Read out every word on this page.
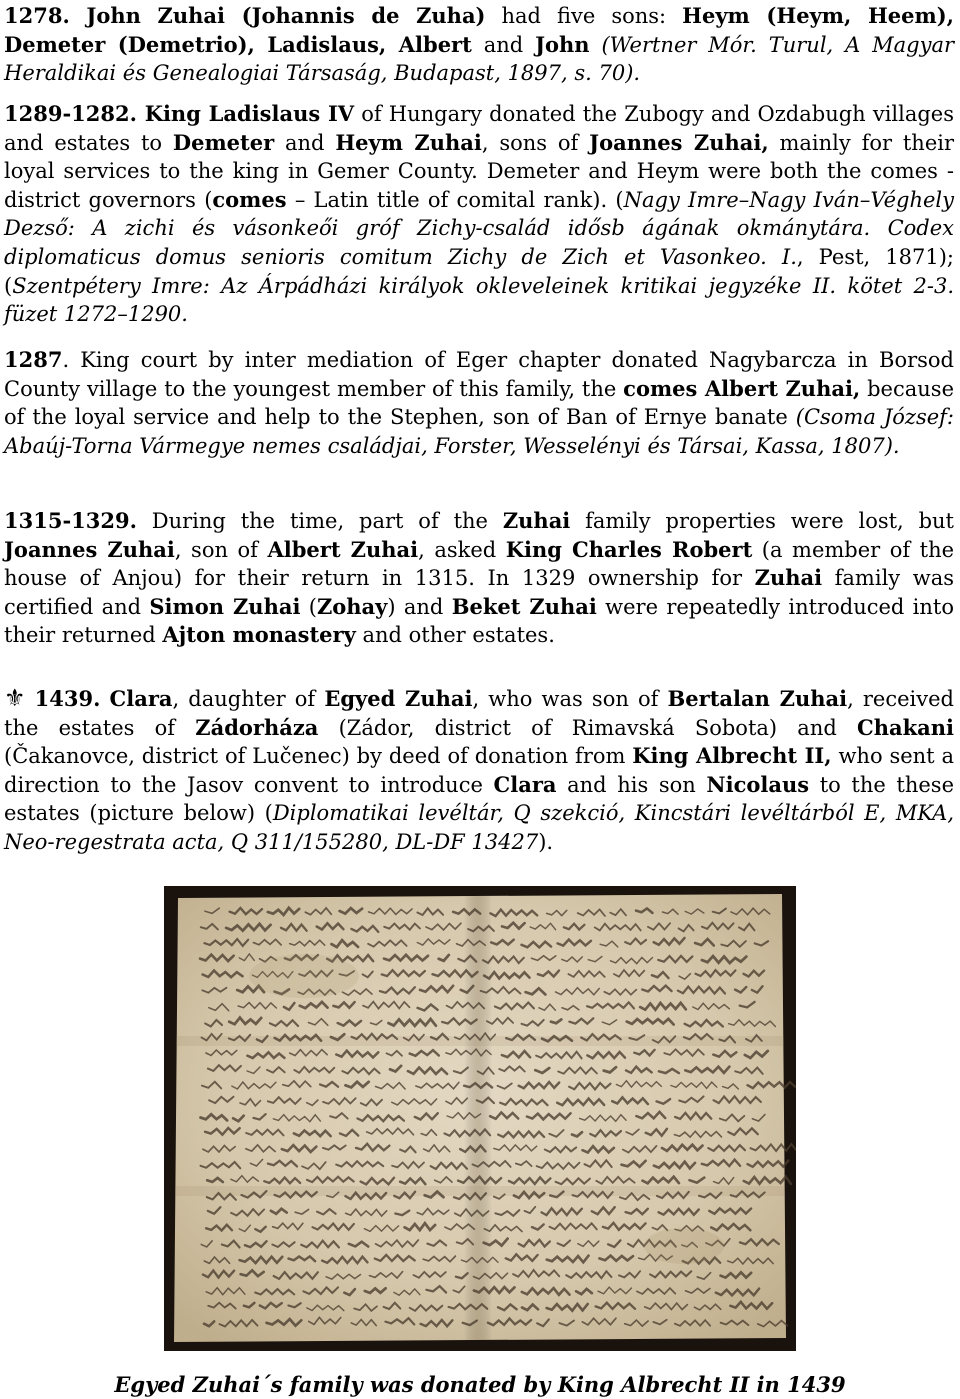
1278. John Zuhai (Johannis de Zuha) had five sons: Heym (Heym, Heem), Demeter (Demetrio), Ladislaus, Albert and John (Wertner Mór. Turul, A Magyar Heraldikai és Genealogiai Társaság, Budapast, 1897, s. 70).

1289-1282. King Ladislaus IV of Hungary donated the Zubogy and Ozdabugh villages and estates to Demeter and Heym Zuhai, sons of Joannes Zuhai, mainly for their loyal services to the king in Gemer County. Demeter and Heym were both the comes - district governors (comes – Latin title of comital rank). (Nagy Imre–Nagy Iván–Véghely Dezső: A zichi és vásonkeői gróf Zichy-család idősb ágának okmánytára. Codex diplomaticus domus senioris comitum Zichy de Zich et Vasonkeo. I., Pest, 1871); (Szentpétery Imre: Az Árpádházi királyok okleveleinek kritikai jegyzéke II. kötet 2-3. füzet 1272–1290.

1287. King court by inter mediation of Eger chapter donated Nagybarcza in Borsod County village to the youngest member of this family, the comes Albert Zuhai, because of the loyal service and help to the Stephen, son of Ban of Ernye banate (Csoma József: Abaúj-Torna Vármegye nemes családjai, Forster, Wesselényi és Társai, Kassa, 1807).

1315-1329. During the time, part of the Zuhai family properties were lost, but Joannes Zuhai, son of Albert Zuhai, asked King Charles Robert (a member of the house of Anjou) for their return in 1315. In 1329 ownership for Zuhai family was certified and Simon Zuhai (Zohay) and Beket Zuhai were repeatedly introduced into their returned Ajton monastery and other estates.

⚜ 1439. Clara, daughter of Egyed Zuhai, who was son of Bertalan Zuhai, received the estates of Zádorháza (Zádor, district of Rimavská Sobota) and Chakani (Čakanovce, district of Lučenec) by deed of donation from King Albrecht II, who sent a direction to the Jasov convent to introduce Clara and his son Nicolaus to the these estates (picture below) (Diplomatikai levéltár, Q szekció, Kincstári levéltárból E, MKA, Neo-regestrata acta, Q 311/155280, DL-DF 13427).

Egyed Zuhai´s family was donated by King Albrecht II in 1439
